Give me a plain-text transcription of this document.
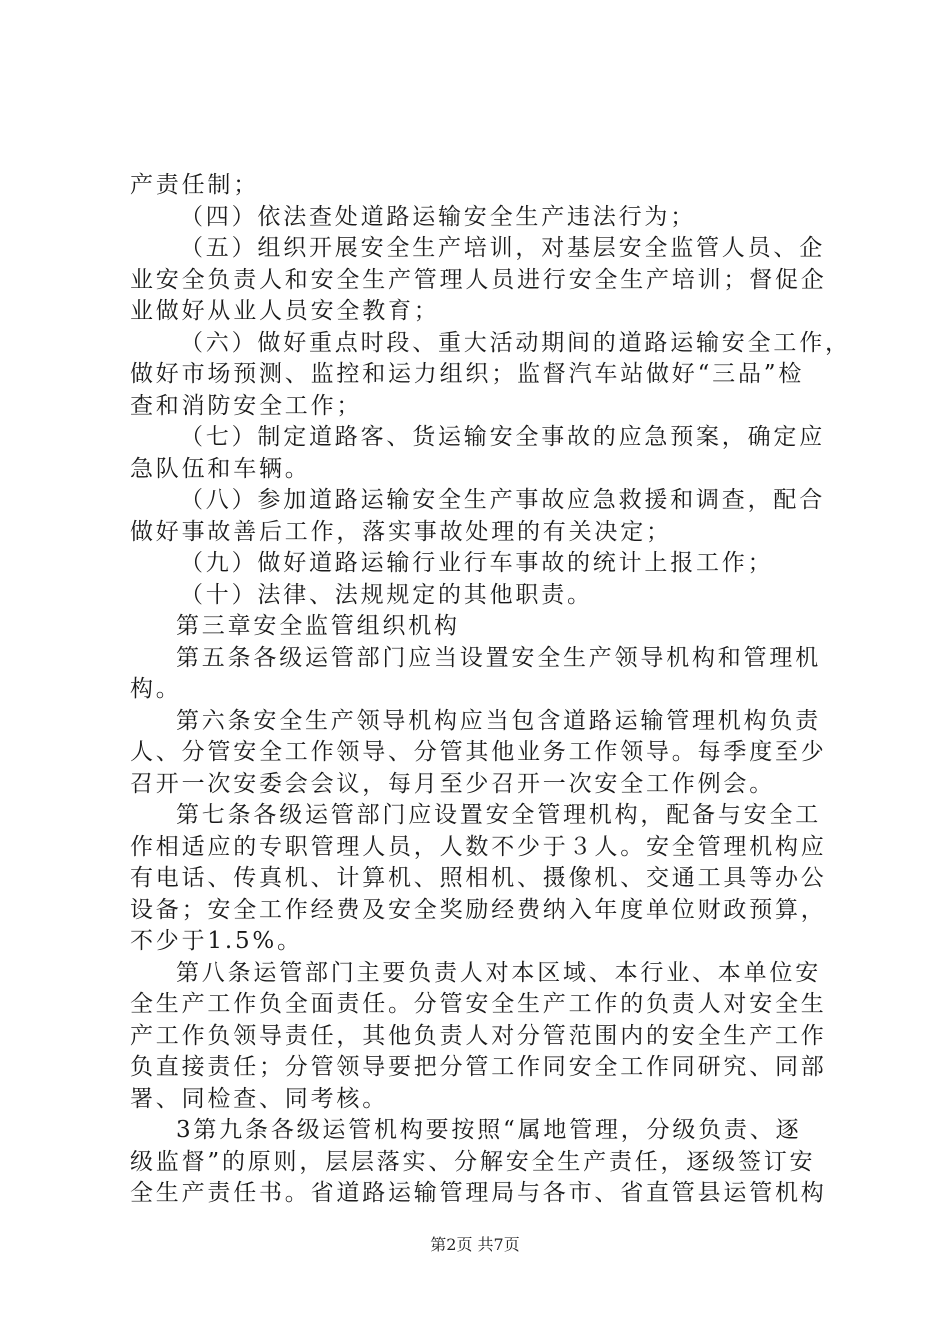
产责任制；
（四）依法查处道路运输安全生产违法行为；
（五）组织开展安全生产培训，对基层安全监管人员、企
业安全负责人和安全生产管理人员进行安全生产培训；督促企
业做好从业人员安全教育；
（六）做好重点时段、重大活动期间的道路运输安全工作，
做好市场预测、监控和运力组织；监督汽车站做好“三品”检
查和消防安全工作；
（七）制定道路客、货运输安全事故的应急预案，确定应
急队伍和车辆。
（八）参加道路运输安全生产事故应急救援和调查，配合
做好事故善后工作，落实事故处理的有关决定；
（九）做好道路运输行业行车事故的统计上报工作；
（十）法律、法规规定的其他职责。
第三章安全监管组织机构
第五条各级运管部门应当设置安全生产领导机构和管理机
构。
第六条安全生产领导机构应当包含道路运输管理机构负责
人、分管安全工作领导、分管其他业务工作领导。每季度至少
召开一次安委会会议，每月至少召开一次安全工作例会。
第七条各级运管部门应设置安全管理机构，配备与安全工
作相适应的专职管理人员，人数不少于３人。安全管理机构应
有电话、传真机、计算机、照相机、摄像机、交通工具等办公
设备；安全工作经费及安全奖励经费纳入年度单位财政预算，
不少于1.5%。
第八条运管部门主要负责人对本区域、本行业、本单位安
全生产工作负全面责任。分管安全生产工作的负责人对安全生
产工作负领导责任，其他负责人对分管范围内的安全生产工作
负直接责任；分管领导要把分管工作同安全工作同研究、同部
署、同检查、同考核。
3第九条各级运管机构要按照“属地管理，分级负责、逐
级监督”的原则，层层落实、分解安全生产责任，逐级签订安
全生产责任书。省道路运输管理局与各市、省直管县运管机构
第2页 共7页
